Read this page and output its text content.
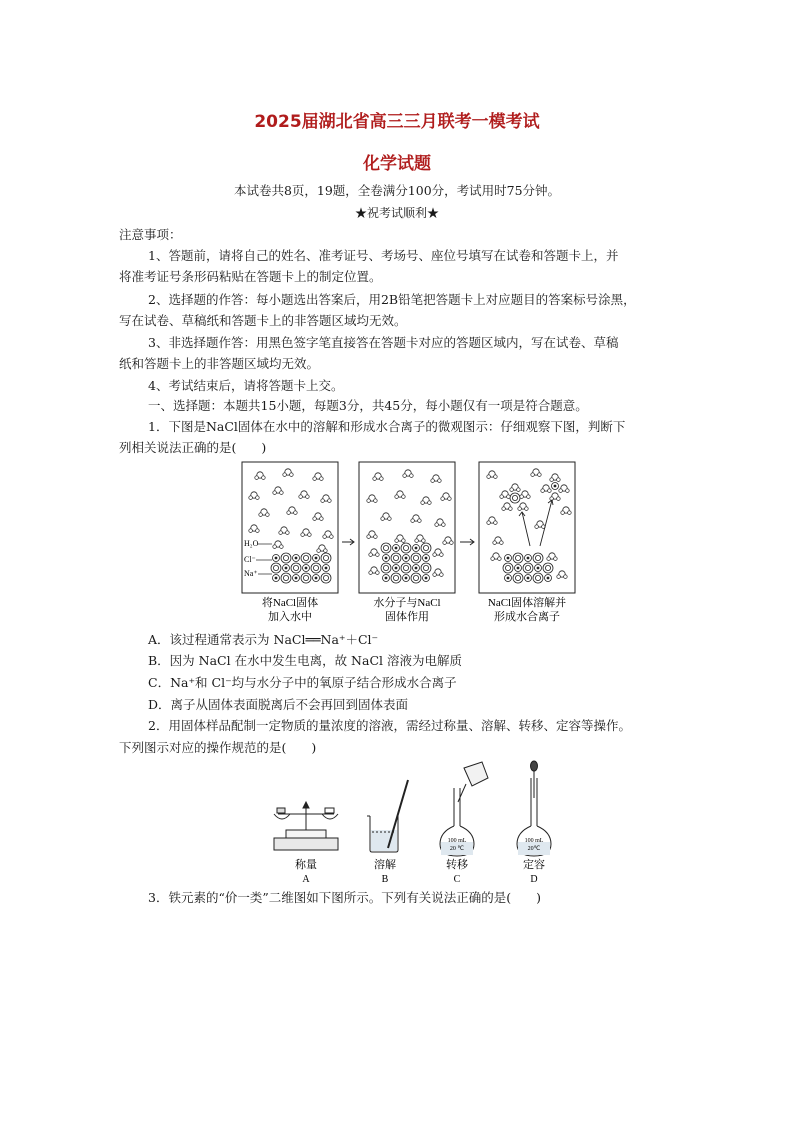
2025届湖北省高三三月联考一模考试
化学试题
本试卷共8页，19题，全卷满分100分，考试用时75分钟。
★祝考试顺利★
注意事项：
1、答题前，请将自己的姓名、准考证号、考场号、座位号填写在试卷和答题卡上，并
将准考证号条形码粘贴在答题卡上的制定位置。
2、选择题的作答：每小题选出答案后，用2B铅笔把答题卡上对应题目的答案标号涂黑，
写在试卷、草稿纸和答题卡上的非答题区域均无效。
3、非选择题作答：用黑色签字笔直接答在答题卡对应的答题区域内，写在试卷、草稿
纸和答题卡上的非答题区域均无效。
4、考试结束后，请将答题卡上交。
一、选择题：本题共15小题，每题3分，共45分，每小题仅有一项是符合题意。
1．下图是NaCl固体在水中的溶解和形成水合离子的微观图示：仔细观察下图，判断下
列相关说法正确的是(　　)
H₂O
Cl⁻
Na⁺
将NaCl固体
加入水中
水分子与NaCl
固体作用
NaCl固体溶解并
形成水合离子
A．该过程通常表示为 NaCl══Na⁺＋Cl⁻
B．因为 NaCl 在水中发生电离，故 NaCl 溶液为电解质
C．Na⁺和 Cl⁻均与水分子中的氧原子结合形成水合离子
D．离子从固体表面脱离后不会再回到固体表面
2．用固体样品配制一定物质的量浓度的溶液，需经过称量、溶解、转移、定容等操作。
下列图示对应的操作规范的是(　　)
100 mL
20 ℃
100 mL
20℃
称量
A
溶解
B
转移
C
定容
D
3．铁元素的“价一类”二维图如下图所示。下列有关说法正确的是(　　)
